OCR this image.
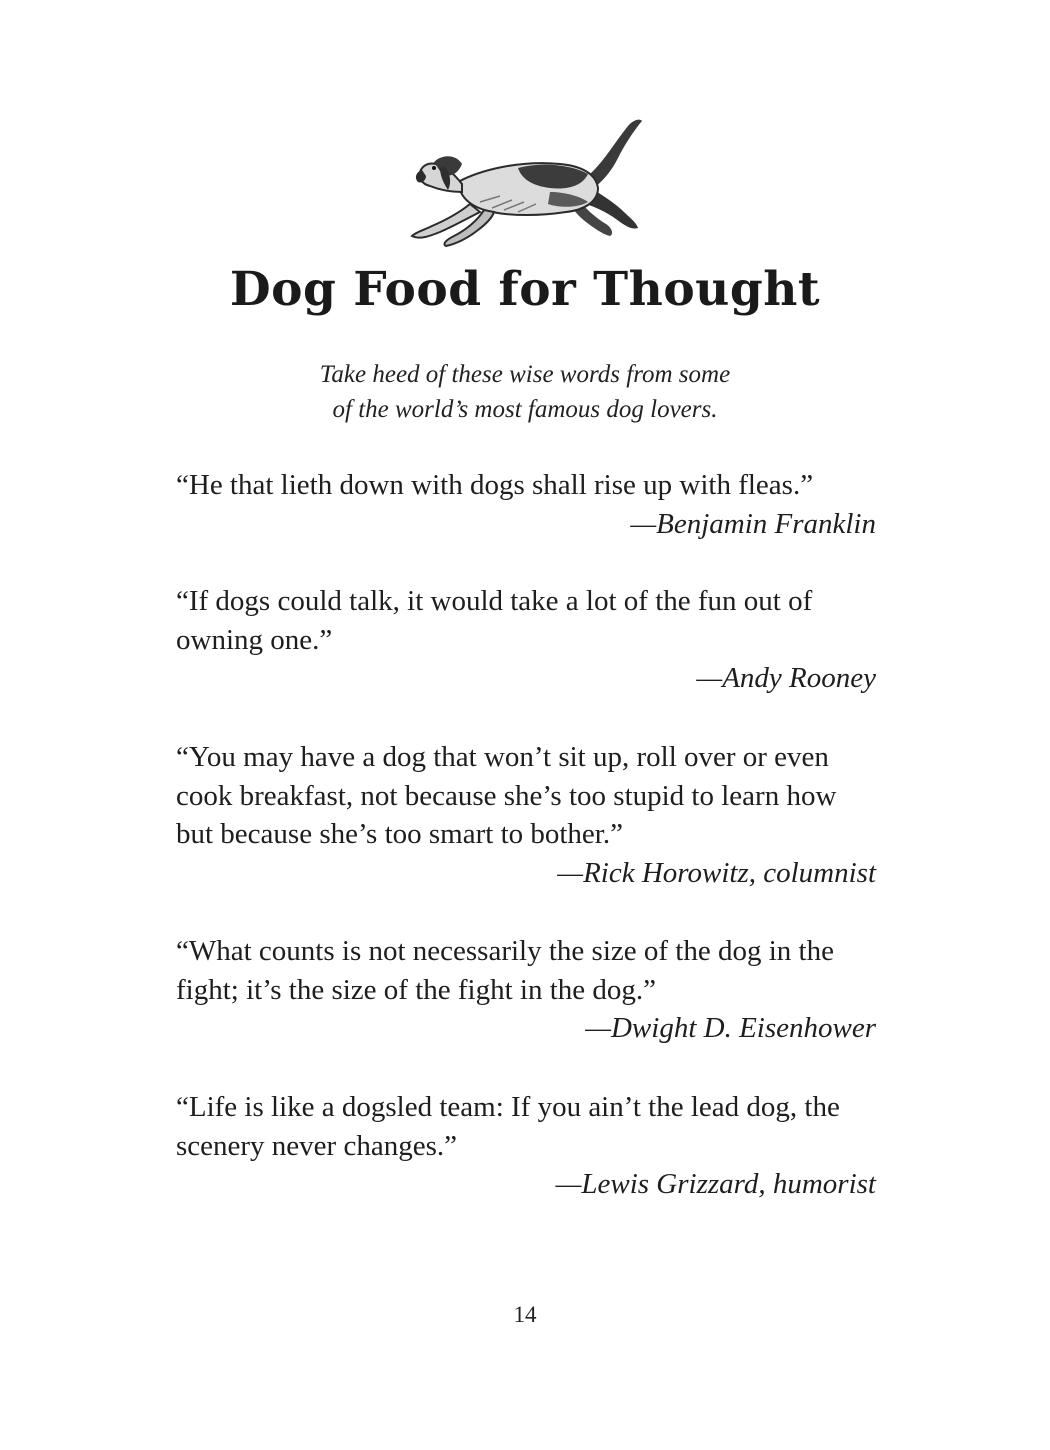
Dog Food for Thought
Take heed of these wise words from some
of the world’s most famous dog lovers.

“He that lieth down with dogs shall rise up with fleas.”

—Benjamin Franklin

“If dogs could talk, it would take a lot of the fun out of owning one.”

—Andy Rooney

“You may have a dog that won’t sit up, roll over or even cook breakfast, not because she’s too stupid to learn how but because she’s too smart to bother.”

—Rick Horowitz, columnist

“What counts is not necessarily the size of the dog in the fight; it’s the size of the fight in the dog.”

—Dwight D. Eisenhower

“Life is like a dogsled team: If you ain’t the lead dog, the scenery never changes.”

—Lewis Grizzard, humorist

14
